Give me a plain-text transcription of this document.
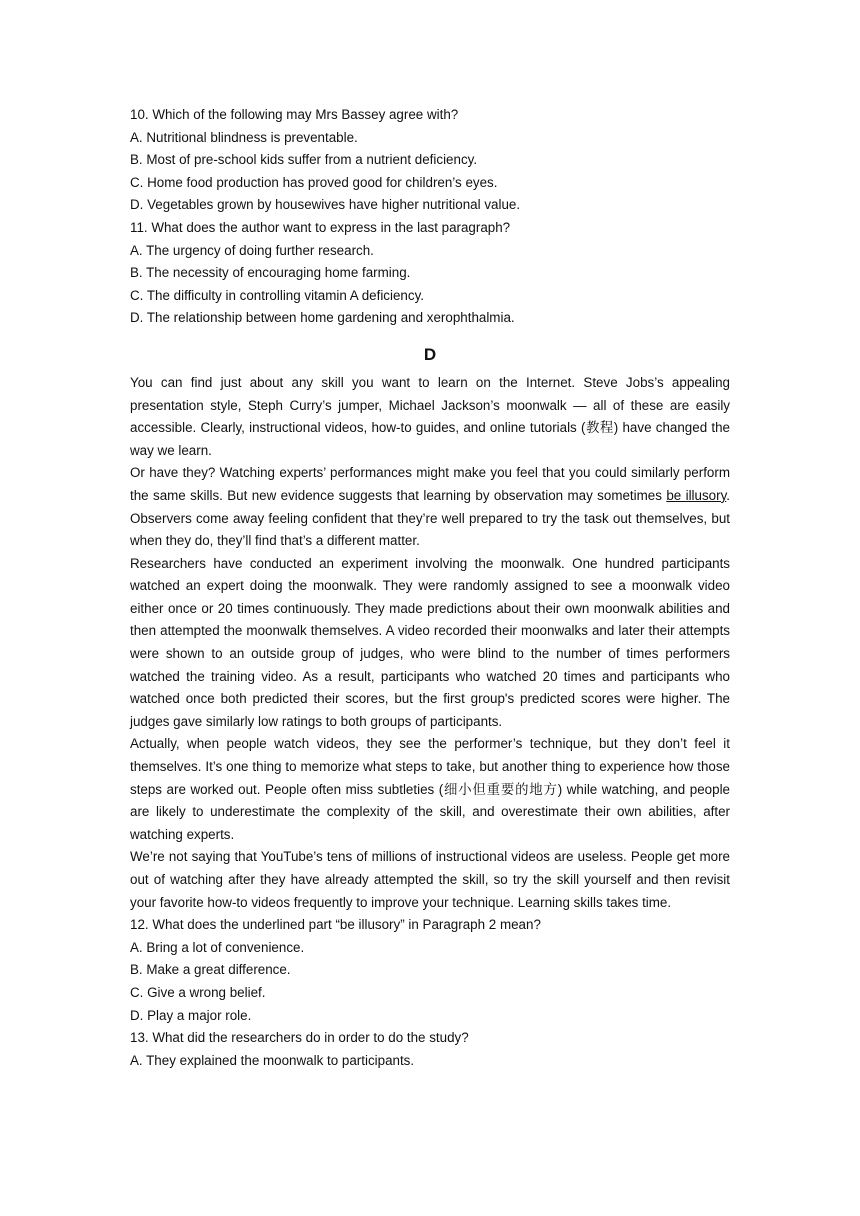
10. Which of the following may Mrs Bassey agree with?

A. Nutritional blindness is preventable.

B. Most of pre-school kids suffer from a nutrient deficiency.

C. Home food production has proved good for children’s eyes.

D. Vegetables grown by housewives have higher nutritional value.

11. What does the author want to express in the last paragraph?

A. The urgency of doing further research.

B. The necessity of encouraging home farming.

C. The difficulty in controlling vitamin A deficiency.

D. The relationship between home gardening and xerophthalmia.

D

You can find just about any skill you want to learn on the Internet. Steve Jobs’s appealing presentation style, Steph Curry’s jumper, Michael Jackson’s moonwalk — all of these are easily accessible. Clearly, instructional videos, how-to guides, and online tutorials (教程) have changed the way we learn.

Or have they? Watching experts’ performances might make you feel that you could similarly perform the same skills. But new evidence suggests that learning by observation may sometimes be illusory. Observers come away feeling confident that they’re well prepared to try the task out themselves, but when they do, they’ll find that’s a different matter.

Researchers have conducted an experiment involving the moonwalk. One hundred participants watched an expert doing the moonwalk. They were randomly assigned to see a moonwalk video either once or 20 times continuously. They made predictions about their own moonwalk abilities and then attempted the moonwalk themselves. A video recorded their moonwalks and later their attempts were shown to an outside group of judges, who were blind to the number of times performers watched the training video. As a result, participants who watched 20 times and participants who watched once both predicted their scores, but the first group's predicted scores were higher. The judges gave similarly low ratings to both groups of participants.

Actually, when people watch videos, they see the performer’s technique, but they don’t feel it themselves. It’s one thing to memorize what steps to take, but another thing to experience how those steps are worked out. People often miss subtleties (细小但重要的地方) while watching, and people are likely to underestimate the complexity of the skill, and overestimate their own abilities, after watching experts.

We’re not saying that YouTube’s tens of millions of instructional videos are useless. People get more out of watching after they have already attempted the skill, so try the skill yourself and then revisit your favorite how-to videos frequently to improve your technique. Learning skills takes time.

12. What does the underlined part “be illusory” in Paragraph 2 mean?

A. Bring a lot of convenience.

B. Make a great difference.

C. Give a wrong belief.

D. Play a major role.

13. What did the researchers do in order to do the study?

A. They explained the moonwalk to participants.
